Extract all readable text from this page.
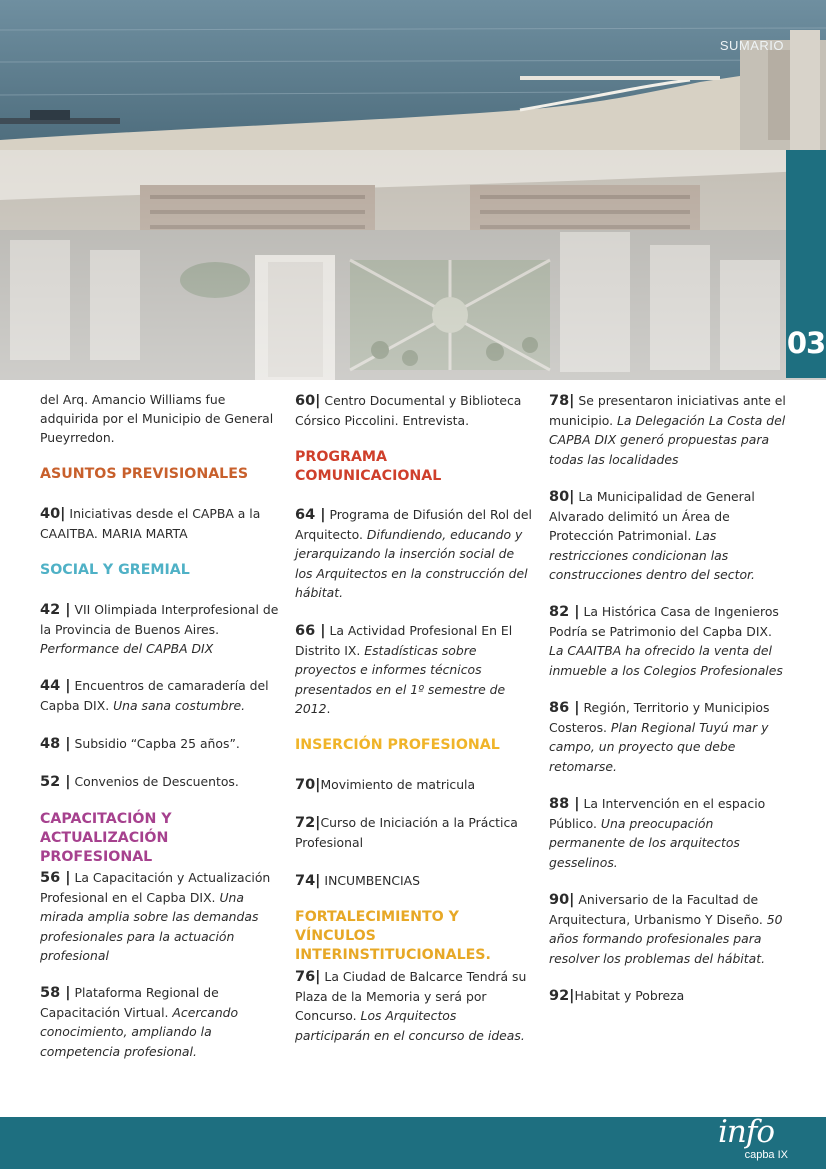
SUMARIO
03
del Arq. Amancio Williams fue adquirida por el Municipio de General Pueyrredon.
ASUNTOS PREVISIONALES
40| Iniciativas desde el CAPBA a la CAAITBA. MARIA MARTA
SOCIAL Y GREMIAL
42 | VII Olimpiada Interprofesional de la Provincia de Buenos Aires. Performance del CAPBA DIX
44 | Encuentros de camaradería del Capba DIX. Una sana costumbre.
48 | Subsidio “Capba 25 años”.
52 | Convenios de Descuentos.
CAPACITACIÓN Y ACTUALIZACIÓN PROFESIONAL
56 | La Capacitación y Actualización Profesional en el Capba DIX. Una mirada amplia sobre las demandas profesionales para la actuación profesional
58 | Plataforma Regional de Capacitación Virtual. Acercando conocimiento, ampliando la competencia profesional.
60| Centro Documental y Biblioteca Córsico Piccolini. Entrevista.
PROGRAMA COMUNICACIONAL
64 | Programa de Difusión del Rol del Arquitecto. Difundiendo, educando y jerarquizando la inserción social de los Arquitectos en la construcción del hábitat.
66 | La Actividad Profesional En El Distrito IX. Estadísticas sobre proyectos e informes técnicos presentados en el 1º semestre de 2012.
INSERCIÓN PROFESIONAL
70|Movimiento de matricula
72|Curso de Iniciación a la Práctica Profesional
74| INCUMBENCIAS
FORTALECIMIENTO Y VÍNCULOS INTERINSTITUCIONALES.
76| La Ciudad de Balcarce Tendrá su Plaza de la Memoria y será por Concurso. Los Arquitectos participarán en el concurso de ideas.
78| Se presentaron iniciativas ante el municipio. La Delegación La Costa del CAPBA DIX generó propuestas para todas las localidades
80| La Municipalidad de General Alvarado delimitó un Área de Protección Patrimonial. Las restricciones condicionan las construcciones dentro del sector.
82 | La Histórica Casa de Ingenieros Podría se Patrimonio del Capba DIX. La CAAITBA ha ofrecido la venta del inmueble a los Colegios Profesionales
86 | Región, Territorio y Municipios Costeros. Plan Regional Tuyú mar y campo, un proyecto que debe retomarse.
88 | La Intervención en el espacio Público. Una preocupación permanente de los arquitectos gesselinos.
90| Aniversario de la Facultad de Arquitectura, Urbanismo Y Diseño. 50 años formando profesionales para resolver los problemas del hábitat.
92|Habitat y Pobreza
info
capba IX
